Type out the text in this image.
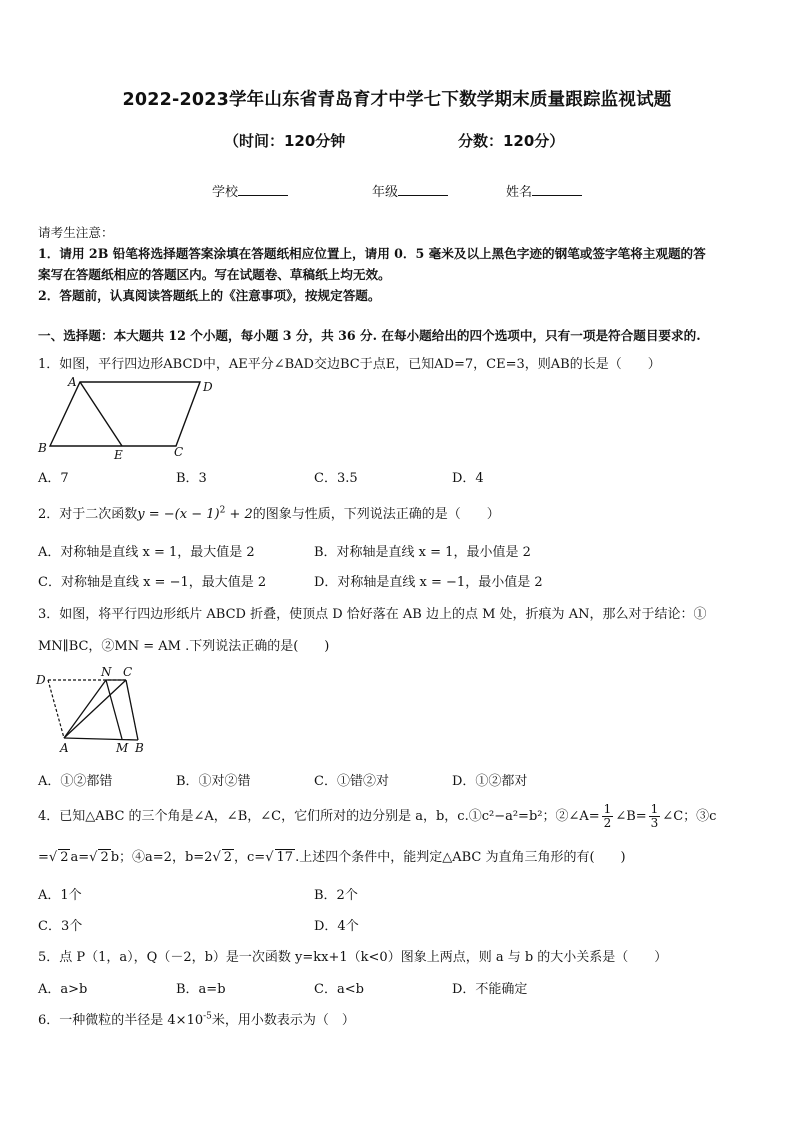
2022-2023学年山东省青岛育才中学七下数学期末质量跟踪监视试题
（时间：120分钟	分数：120分）
学校	年级	姓名
请考生注意：
1．请用 2B 铅笔将选择题答案涂填在答题纸相应位置上，请用 0．5 毫米及以上黑色字迹的钢笔或签字笔将主观题的答
案写在答题纸相应的答题区内。写在试题卷、草稿纸上均无效。
2．答题前，认真阅读答题纸上的《注意事项》，按规定答题。
一、选择题：本大题共 12 个小题，每小题 3 分，共 36 分. 在每小题给出的四个选项中，只有一项是符合题目要求的.
1．如图，平行四边形ABCD中，AE平分∠BAD交边BC于点E，已知AD=7，CE=3，则AB的长是（　　）
A	D
B	E	C
A．7	B．3	C．3.5	D．4
2．对于二次函数$y = -(x - 1)^2 + 2$的图象与性质，下列说法正确的是（　　）
A．对称轴是直线 x = 1，最大值是 2	B．对称轴是直线 x = 1，最小值是 2
C．对称轴是直线 x = −1，最大值是 2	D．对称轴是直线 x = −1，最小值是 2
3．如图，将平行四边形纸片 ABCD 折叠，使顶点 D 恰好落在 AB 边上的点 M 处，折痕为 AN，那么对于结论：①
MN∥BC，②MN = AM .下列说法正确的是(　　)
D
N C
A	M B
A．①②都错	B．①对②错	C．①错②对	D．①②都对
4．已知△ABC 的三个角是∠A，∠B，∠C，它们所对的边分别是 a，b，c.①c²−a²=b²；②∠A= $\frac{1}{2}$ ∠B= $\frac{1}{3}$ ∠C；③c
=√ 2 a=√ 2 b；④a=2，b=2√ 2 ，c=√ 17 .上述四个条件中，能判定△ABC 为直角三角形的有(　　)
A．1个	B．2个
C．3个	D．4个
5．点 P（1，a），Q（－2，b）是一次函数 y=kx+1（k<0）图象上两点，则 a 与 b 的大小关系是（　　）
A．a>b	B．a=b	C．a<b	D．不能确定
6．一种微粒的半径是 $4\times 10^{-5}$米，用小数表示为（　）
